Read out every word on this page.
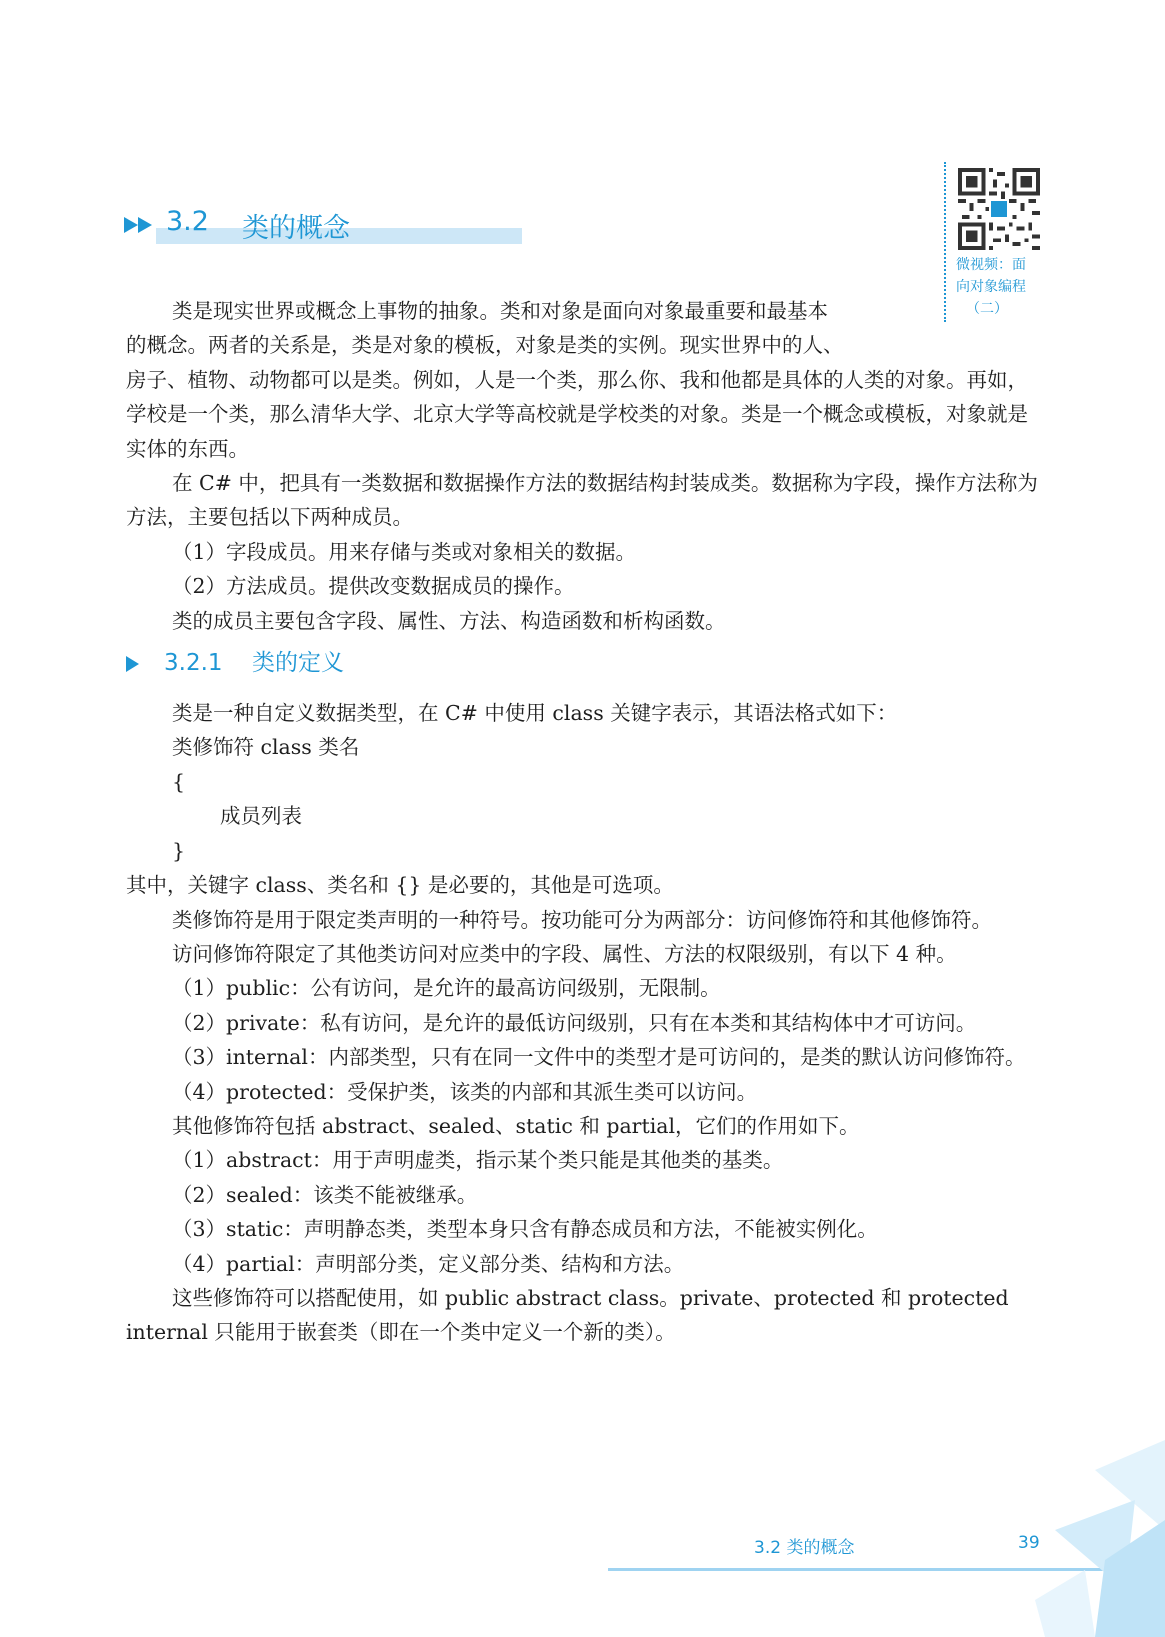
3.2 类的概念
微视频：面
向对象编程
（二）

类是现实世界或概念上事物的抽象。类和对象是面向对象最重要和最基本

的概念。两者的关系是，类是对象的模板，对象是类的实例。现实世界中的人、

房子、植物、动物都可以是类。例如，人是一个类，那么你、我和他都是具体的人类的对象。再如，学校是一个类，那么清华大学、北京大学等高校就是学校类的对象。类是一个概念或模板，对象就是实体的东西。

在 C# 中，把具有一类数据和数据操作方法的数据结构封装成类。数据称为字段，操作方法称为方法，主要包括以下两种成员。

（1）字段成员。用来存储与类或对象相关的数据。

（2）方法成员。提供改变数据成员的操作。

类的成员主要包含字段、属性、方法、构造函数和析构函数。

3.2.1 类的定义

类是一种自定义数据类型，在 C# 中使用 class 关键字表示，其语法格式如下：

类修饰符 class 类名

{

成员列表

}

其中，关键字 class、类名和 {} 是必要的，其他是可选项。

类修饰符是用于限定类声明的一种符号。按功能可分为两部分：访问修饰符和其他修饰符。

访问修饰符限定了其他类访问对应类中的字段、属性、方法的权限级别，有以下 4 种。

（1）public：公有访问，是允许的最高访问级别，无限制。

（2）private：私有访问，是允许的最低访问级别，只有在本类和其结构体中才可访问。

（3）internal：内部类型，只有在同一文件中的类型才是可访问的，是类的默认访问修饰符。

（4）protected：受保护类，该类的内部和其派生类可以访问。

其他修饰符包括 abstract、sealed、static 和 partial，它们的作用如下。

（1）abstract：用于声明虚类，指示某个类只能是其他类的基类。

（2）sealed：该类不能被继承。

（3）static：声明静态类，类型本身只含有静态成员和方法，不能被实例化。

（4）partial：声明部分类，定义部分类、结构和方法。

这些修饰符可以搭配使用，如 public abstract class。private、protected 和 protected internal 只能用于嵌套类（即在一个类中定义一个新的类）。

3.2 类的概念	39
